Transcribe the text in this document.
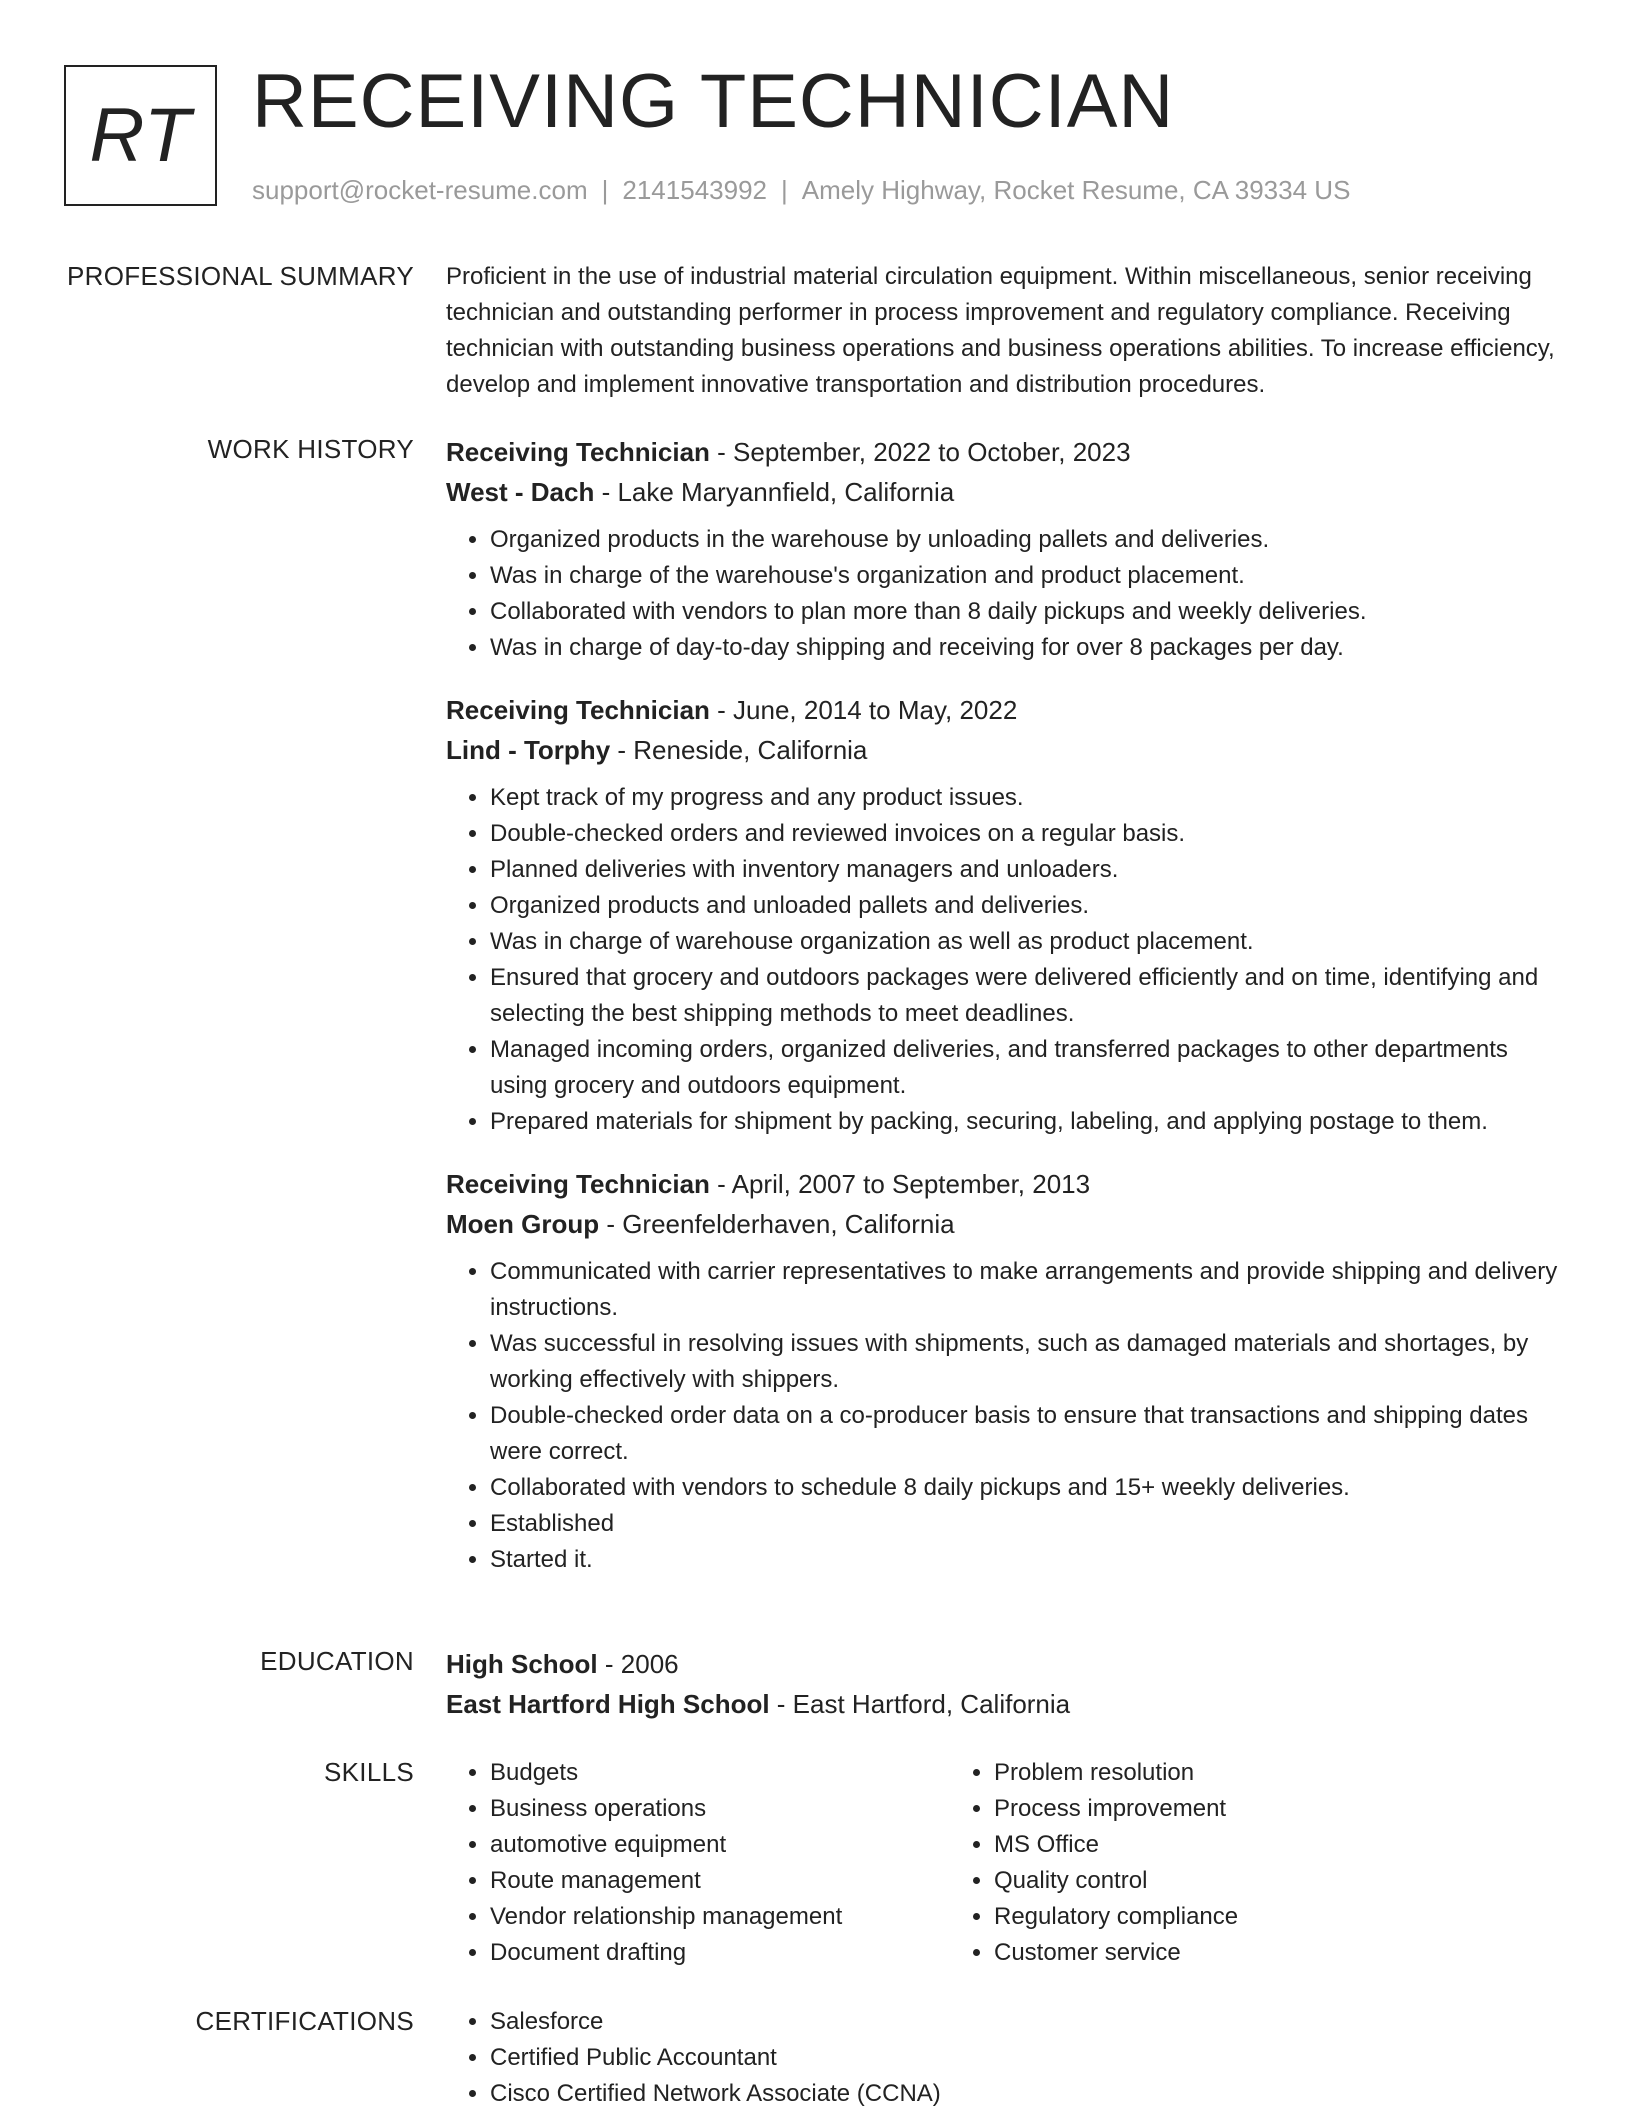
RT RECEIVING TECHNICIAN
support@rocket-resume.com | 2141543992 | Amely Highway, Rocket Resume, CA 39334 US
PROFESSIONAL SUMMARY Proficient in the use of industrial material circulation equipment. Within miscellaneous, senior receiving technician and outstanding performer in process improvement and regulatory compliance. Receiving technician with outstanding business operations and business operations abilities. To increase efficiency, develop and implement innovative transportation and distribution procedures.

WORK HISTORY Receiving Technician - September, 2022 to October, 2023
West - Dach - Lake Maryannfield, California
• Organized products in the warehouse by unloading pallets and deliveries.
• Was in charge of the warehouse's organization and product placement.
• Collaborated with vendors to plan more than 8 daily pickups and weekly deliveries.
• Was in charge of day-to-day shipping and receiving for over 8 packages per day.
Receiving Technician - June, 2014 to May, 2022
Lind - Torphy - Reneside, California
• Kept track of my progress and any product issues.
• Double-checked orders and reviewed invoices on a regular basis.
• Planned deliveries with inventory managers and unloaders.
• Organized products and unloaded pallets and deliveries.
• Was in charge of warehouse organization as well as product placement.
• Ensured that grocery and outdoors packages were delivered efficiently and on time, identifying and selecting the best shipping methods to meet deadlines.
• Managed incoming orders, organized deliveries, and transferred packages to other departments using grocery and outdoors equipment.
• Prepared materials for shipment by packing, securing, labeling, and applying postage to them.
Receiving Technician - April, 2007 to September, 2013
Moen Group - Greenfelderhaven, California
• Communicated with carrier representatives to make arrangements and provide shipping and delivery instructions.
• Was successful in resolving issues with shipments, such as damaged materials and shortages, by working effectively with shippers.
• Double-checked order data on a co-producer basis to ensure that transactions and shipping dates were correct.
• Collaborated with vendors to schedule 8 daily pickups and 15+ weekly deliveries.
• Established
• Started it.
EDUCATION High School - 2006
East Hartford High School - East Hartford, California
SKILLS	• Budgets
• Business operations
• automotive equipment
• Route management
• Vendor relationship management
• Document drafting
• Problem resolution
• Process improvement
• MS Office
• Quality control
• Regulatory compliance
• Customer service
CERTIFICATIONS	• Salesforce
• Certified Public Accountant
• Cisco Certified Network Associate (CCNA)
